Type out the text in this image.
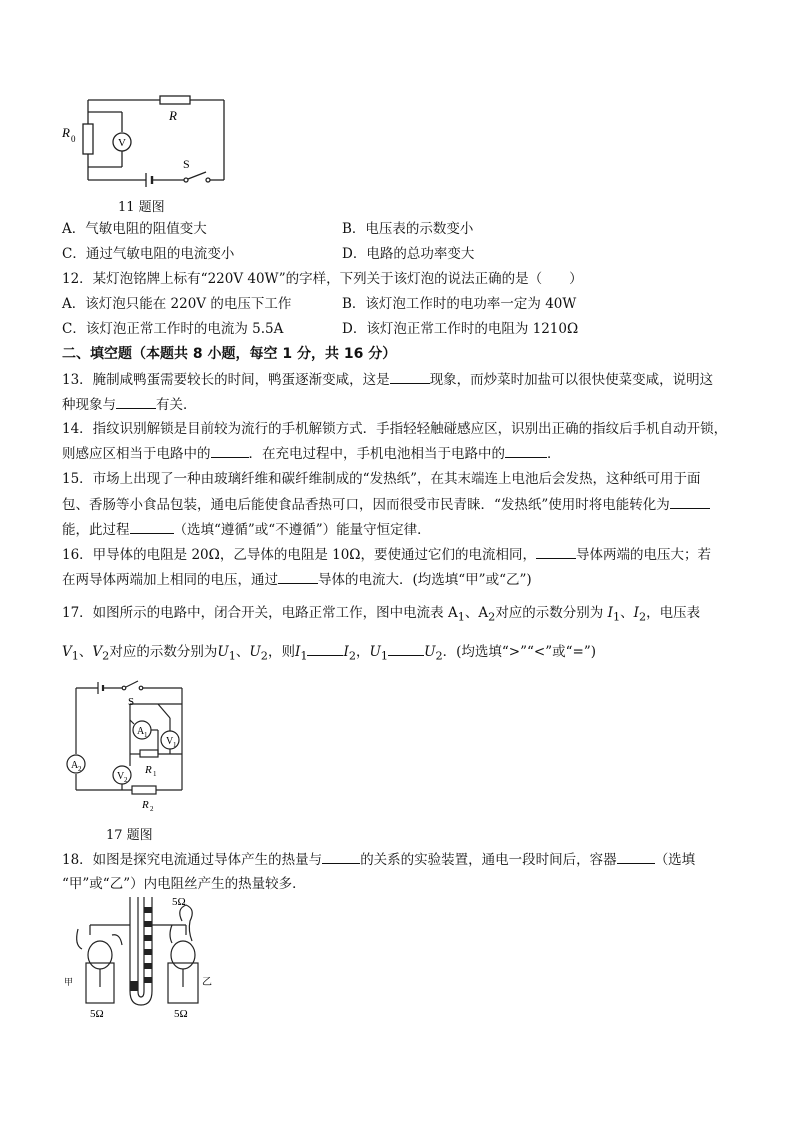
R
R 0	V
S
11 题图
A．气敏电阻的阻值变大	B．电压表的示数变小
C．通过气敏电阻的电流变小	D．电路的总功率变大
12．某灯泡铭牌上标有“220V 40W”的字样，下列关于该灯泡的说法正确的是（　　）
A．该灯泡只能在 220V 的电压下工作	B．该灯泡工作时的电功率一定为 40W
C．该灯泡正常工作时的电流为 5.5A	D．该灯泡正常工作时的电阻为 1210Ω
二、填空题（本题共 8 小题，每空 1 分，共 16 分）
13．腌制咸鸭蛋需要较长的时间，鸭蛋逐渐变咸，这是	现象，而炒菜时加盐可以很快使菜变咸，说明这
种现象与	有关．
14．指纹识别解锁是目前较为流行的手机解锁方式．手指轻轻触碰感应区，识别出正确的指纹后手机自动开锁，
则感应区相当于电路中的	．在充电过程中，手机电池相当于电路中的	．
15．市场上出现了一种由玻璃纤维和碳纤维制成的“发热纸”，在其末端连上电池后会发热，这种纸可用于面
包、香肠等小食品包装，通电后能使食品香热可口，因而很受市民青睐．“发热纸”使用时将电能转化为
能，此过程	（选填“遵循”或“不遵循”）能量守恒定律．
16．甲导体的电阻是 20Ω，乙导体的电阻是 10Ω，要使通过它们的电流相同，	导体两端的电压大；若
在两导体两端加上相同的电压，通过	导体的电流大．(均选填“甲”或“乙”)
17．如图所示的电路中，闭合开关，电路正常工作，图中电流表 $A_1$、$A_2$对应的示数分别为 $I_1$、$I_2$，电压表
$V_1$、$V_2$对应的示数分别为$U_1$、$U_2$，则$I_1$	$I_2$，$U_1$	$U_2$．(均选填“>”“<”或“=”)
S
A 1
A 2
V 1
V 2
R 1
R 2
17 题图
18．如图是探究电流通过导体产生的热量与	的关系的实验装置，通电一段时间后，容器	（选填
“甲”或“乙”）内电阻丝产生的热量较多．
5Ω
甲	乙
5Ω	5Ω
